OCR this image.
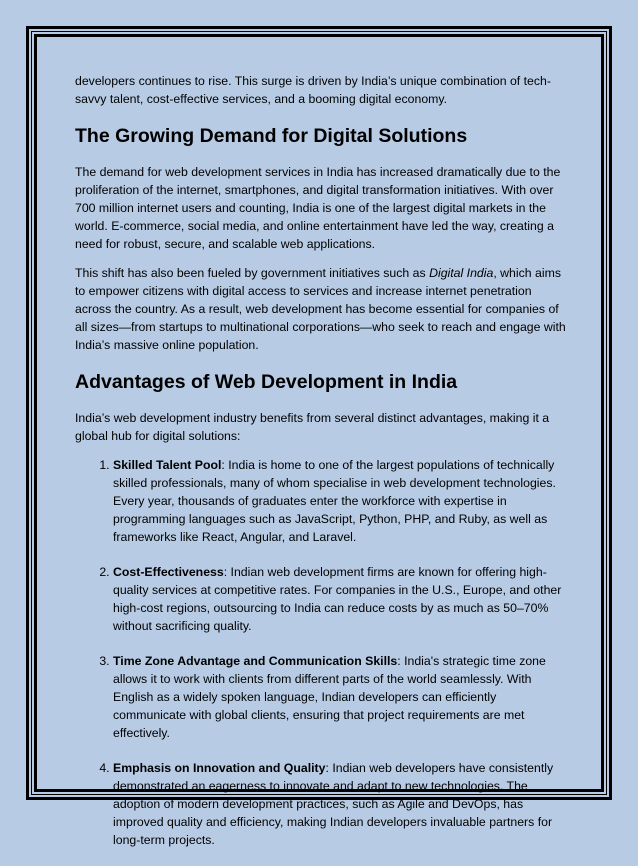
developers continues to rise. This surge is driven by India’s unique combination of tech-savvy talent, cost-effective services, and a booming digital economy.

The Growing Demand for Digital Solutions

The demand for web development services in India has increased dramatically due to the proliferation of the internet, smartphones, and digital transformation initiatives. With over 700 million internet users and counting, India is one of the largest digital markets in the world. E-commerce, social media, and online entertainment have led the way, creating a need for robust, secure, and scalable web applications.

This shift has also been fueled by government initiatives such as Digital India, which aims to empower citizens with digital access to services and increase internet penetration across the country. As a result, web development has become essential for companies of all sizes—from startups to multinational corporations—who seek to reach and engage with India’s massive online population.

Advantages of Web Development in India

India’s web development industry benefits from several distinct advantages, making it a global hub for digital solutions:

1. Skilled Talent Pool: India is home to one of the largest populations of technically skilled professionals, many of whom specialise in web development technologies. Every year, thousands of graduates enter the workforce with expertise in programming languages such as JavaScript, Python, PHP, and Ruby, as well as frameworks like React, Angular, and Laravel.
2. Cost-Effectiveness: Indian web development firms are known for offering high-quality services at competitive rates. For companies in the U.S., Europe, and other high-cost regions, outsourcing to India can reduce costs by as much as 50–70% without sacrificing quality.
3. Time Zone Advantage and Communication Skills: India's strategic time zone allows it to work with clients from different parts of the world seamlessly. With English as a widely spoken language, Indian developers can efficiently communicate with global clients, ensuring that project requirements are met effectively.
4. Emphasis on Innovation and Quality: Indian web developers have consistently demonstrated an eagerness to innovate and adapt to new technologies. The adoption of modern development practices, such as Agile and DevOps, has improved quality and efficiency, making Indian developers invaluable partners for long-term projects.
